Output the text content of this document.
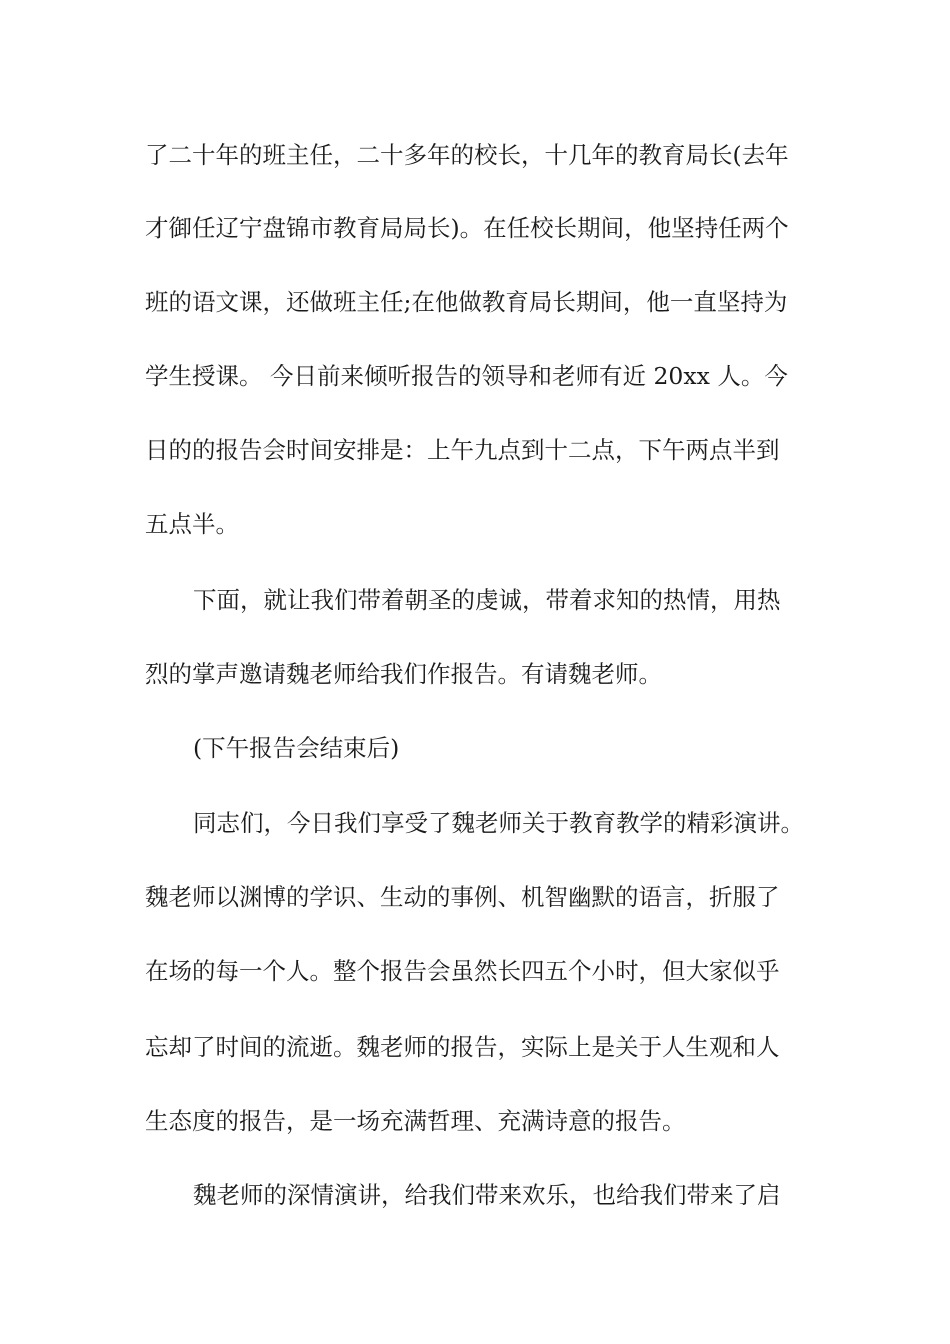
了二十年的班主任，二十多年的校长，十几年的教育局长(去年
才御任辽宁盘锦市教育局局长)。在任校长期间，他坚持任两个
班的语文课，还做班主任;在他做教育局长期间，他一直坚持为
学生授课。 今日前来倾听报告的领导和老师有近 20xx 人。今
日的的报告会时间安排是：上午九点到十二点，下午两点半到
五点半。
下面，就让我们带着朝圣的虔诚，带着求知的热情，用热
烈的掌声邀请魏老师给我们作报告。有请魏老师。
(下午报告会结束后)
同志们，今日我们享受了魏老师关于教育教学的精彩演讲。
魏老师以渊博的学识、生动的事例、机智幽默的语言，折服了
在场的每一个人。整个报告会虽然长四五个小时，但大家似乎
忘却了时间的流逝。魏老师的报告，实际上是关于人生观和人
生态度的报告，是一场充满哲理、充满诗意的报告。
魏老师的深情演讲，给我们带来欢乐，也给我们带来了启
